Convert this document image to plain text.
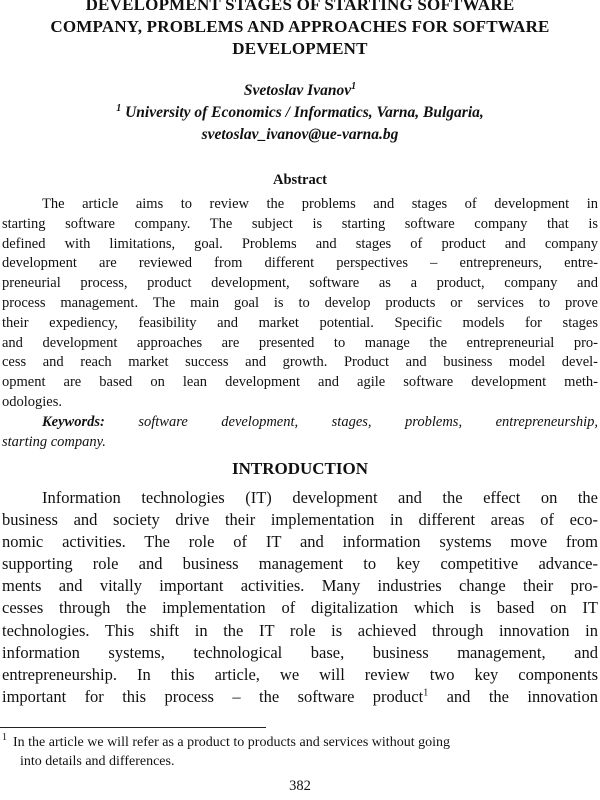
DEVELOPMENT STAGES OF STARTING SOFTWARE
COMPANY, PROBLEMS AND APPROACHES FOR SOFTWARE
DEVELOPMENT
Svetoslav Ivanov$^1$
$^1$ University of Economics / Informatics, Varna, Bulgaria,
svetoslav_ivanov@ue-varna.bg
Abstract
The article aims to review the problems and stages of development in
starting software company. The subject is starting software company that is
defined with limitations, goal. Problems and stages of product and company
development are reviewed from different perspectives – entrepreneurs, entre-
preneurial process, product development, software as a product, company and
process management. The main goal is to develop products or services to prove
their expediency, feasibility and market potential. Specific models for stages
and development approaches are presented to manage the entrepreneurial pro-
cess and reach market success and growth. Product and business model devel-
opment are based on lean development and agile software development meth-
odologies.
Keywords: software development, stages, problems, entrepreneurship,
starting company.
INTRODUCTION
Information technologies (IT) development and the effect on the
business and society drive their implementation in different areas of eco-
nomic activities. The role of IT and information systems move from
supporting role and business management to key competitive advance-
ments and vitally important activities. Many industries change their pro-
cesses through the implementation of digitalization which is based on IT
technologies. This shift in the IT role is achieved through innovation in
information systems, technological base, business management, and
entrepreneurship. In this article, we will review two key components
important for this process – the software product$^1$ and the innovation
$^1$ In the article we will refer as a product to products and services without going
into details and differences.
382
